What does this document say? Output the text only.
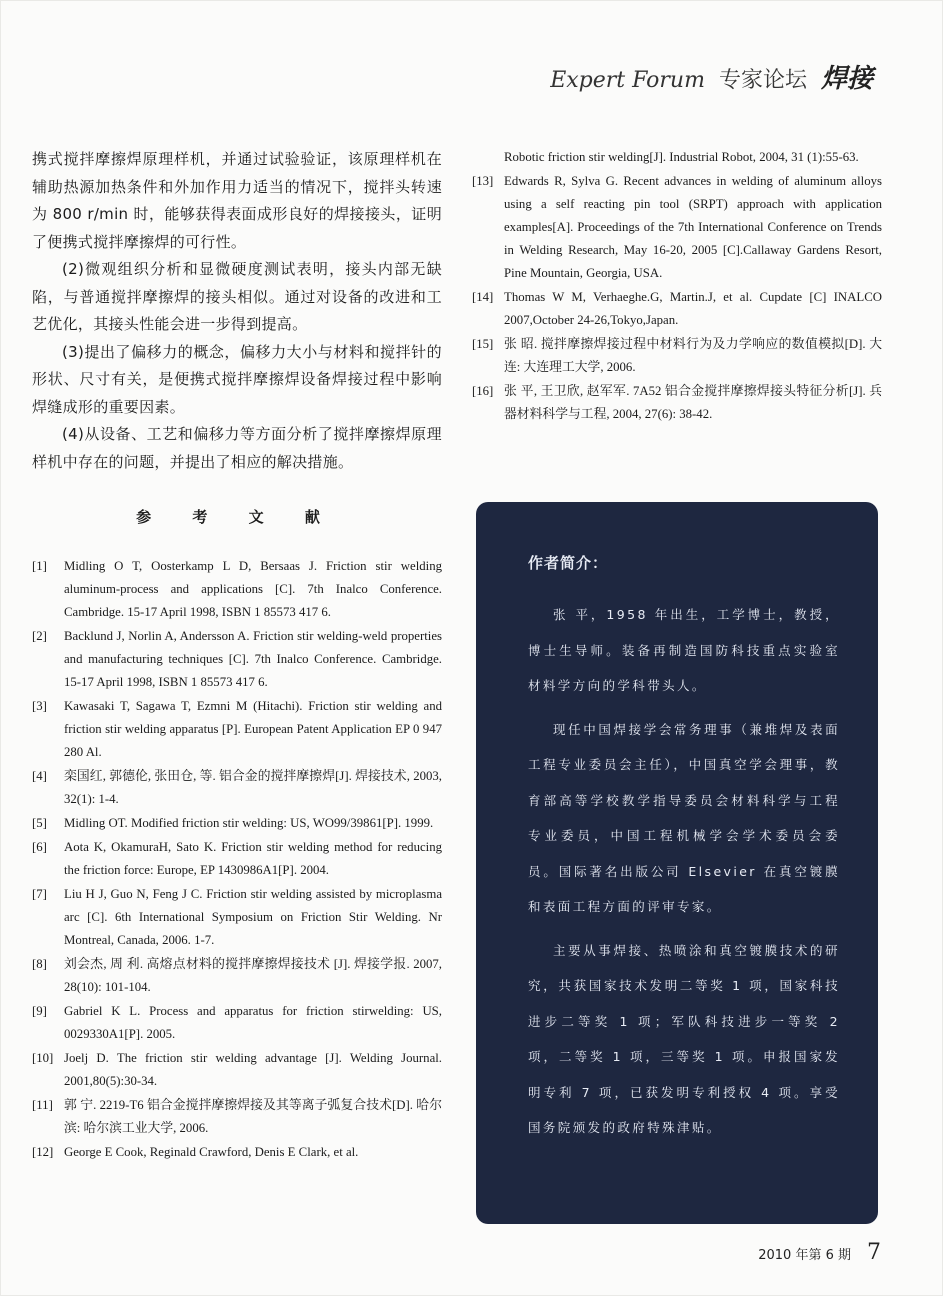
Expert Forum 专家论坛 焊接

携式搅拌摩擦焊原理样机，并通过试验验证，该原理样机在辅助热源加热条件和外加作用力适当的情况下，搅拌头转速为 800 r/min 时，能够获得表面成形良好的焊接接头，证明了便携式搅拌摩擦焊的可行性。

(2)微观组织分析和显微硬度测试表明，接头内部无缺陷，与普通搅拌摩擦焊的接头相似。通过对设备的改进和工艺优化，其接头性能会进一步得到提高。

(3)提出了偏移力的概念，偏移力大小与材料和搅拌针的形状、尺寸有关，是便携式搅拌摩擦焊设备焊接过程中影响焊缝成形的重要因素。

(4)从设备、工艺和偏移力等方面分析了搅拌摩擦焊原理样机中存在的问题，并提出了相应的解决措施。

参 考 文 献
[1]	Midling O T, Oosterkamp L D, Bersaas J. Friction stir welding aluminum-process and applications [C]. 7th Inalco Conference. Cambridge. 15-17 April 1998, ISBN 1 85573 417 6.
[2]	Backlund J, Norlin A, Andersson A. Friction stir welding-weld properties and manufacturing techniques [C]. 7th Inalco Conference. Cambridge. 15-17 April 1998, ISBN 1 85573 417 6.
[3]	Kawasaki T, Sagawa T, Ezmni M (Hitachi). Friction stir welding and friction stir welding apparatus [P]. European Patent Application EP 0 947 280 Al.
[4]	栾国红, 郭德伦, 张田仓, 等. 铝合金的搅拌摩擦焊[J]. 焊接技术, 2003, 32(1): 1-4.
[5]	Midling OT. Modified friction stir welding: US, WO99/39861[P]. 1999.
[6]	Aota K, OkamuraH, Sato K. Friction stir welding method for reducing the friction force: Europe, EP 1430986A1[P]. 2004.
[7]	Liu H J, Guo N, Feng J C. Friction stir welding assisted by microplasma arc [C]. 6th International Symposium on Friction Stir Welding. Nr Montreal, Canada, 2006. 1-7.
[8]	刘会杰, 周 利. 高熔点材料的搅拌摩擦焊接技术 [J]. 焊接学报. 2007, 28(10): 101-104.
[9]	Gabriel K L. Process and apparatus for friction stirwelding: US, 0029330A1[P]. 2005.
[10] Joelj D. The friction stir welding advantage [J]. Welding Journal. 2001,80(5):30-34.
[11] 郭 宁. 2219-T6 铝合金搅拌摩擦焊接及其等离子弧复合技术[D]. 哈尔滨: 哈尔滨工业大学, 2006.
[12] George E Cook, Reginald Crawford, Denis E Clark, et al.
Robotic friction stir welding[J]. Industrial Robot, 2004, 31 (1):55-63.
[13] Edwards R, Sylva G. Recent advances in welding of aluminum alloys using a self reacting pin tool (SRPT) approach with application examples[A]. Proceedings of the 7th International Conference on Trends in Welding Research, May 16-20, 2005 [C].Callaway Gardens Resort, Pine Mountain, Georgia, USA.
[14] Thomas W M, Verhaeghe.G, Martin.J, et al. Cupdate [C] INALCO 2007,October 24-26,Tokyo,Japan.
[15] 张 昭. 搅拌摩擦焊接过程中材料行为及力学响应的数值模拟[D]. 大连: 大连理工大学, 2006.
[16] 张 平, 王卫欣, 赵军军. 7A52 铝合金搅拌摩擦焊接头特征分析[J]. 兵器材料科学与工程, 2004, 27(6): 38-42.
作者简介：

张 平，1958 年出生，工学博士，教授，博士生导师。装备再制造国防科技重点实验室材料学方向的学科带头人。

现任中国焊接学会常务理事（兼堆焊及表面工程专业委员会主任），中国真空学会理事，教育部高等学校教学指导委员会材料科学与工程专业委员，中国工程机械学会学术委员会委员。国际著名出版公司 Elsevier 在真空镀膜和表面工程方面的评审专家。

主要从事焊接、热喷涂和真空镀膜技术的研究，共获国家技术发明二等奖 1 项，国家科技进步二等奖 1 项；军队科技进步一等奖 2 项，二等奖 1 项，三等奖 1 项。申报国家发明专利 7 项，已获发明专利授权 4 项。享受国务院颁发的政府特殊津贴。

2010 年第 6 期 7
